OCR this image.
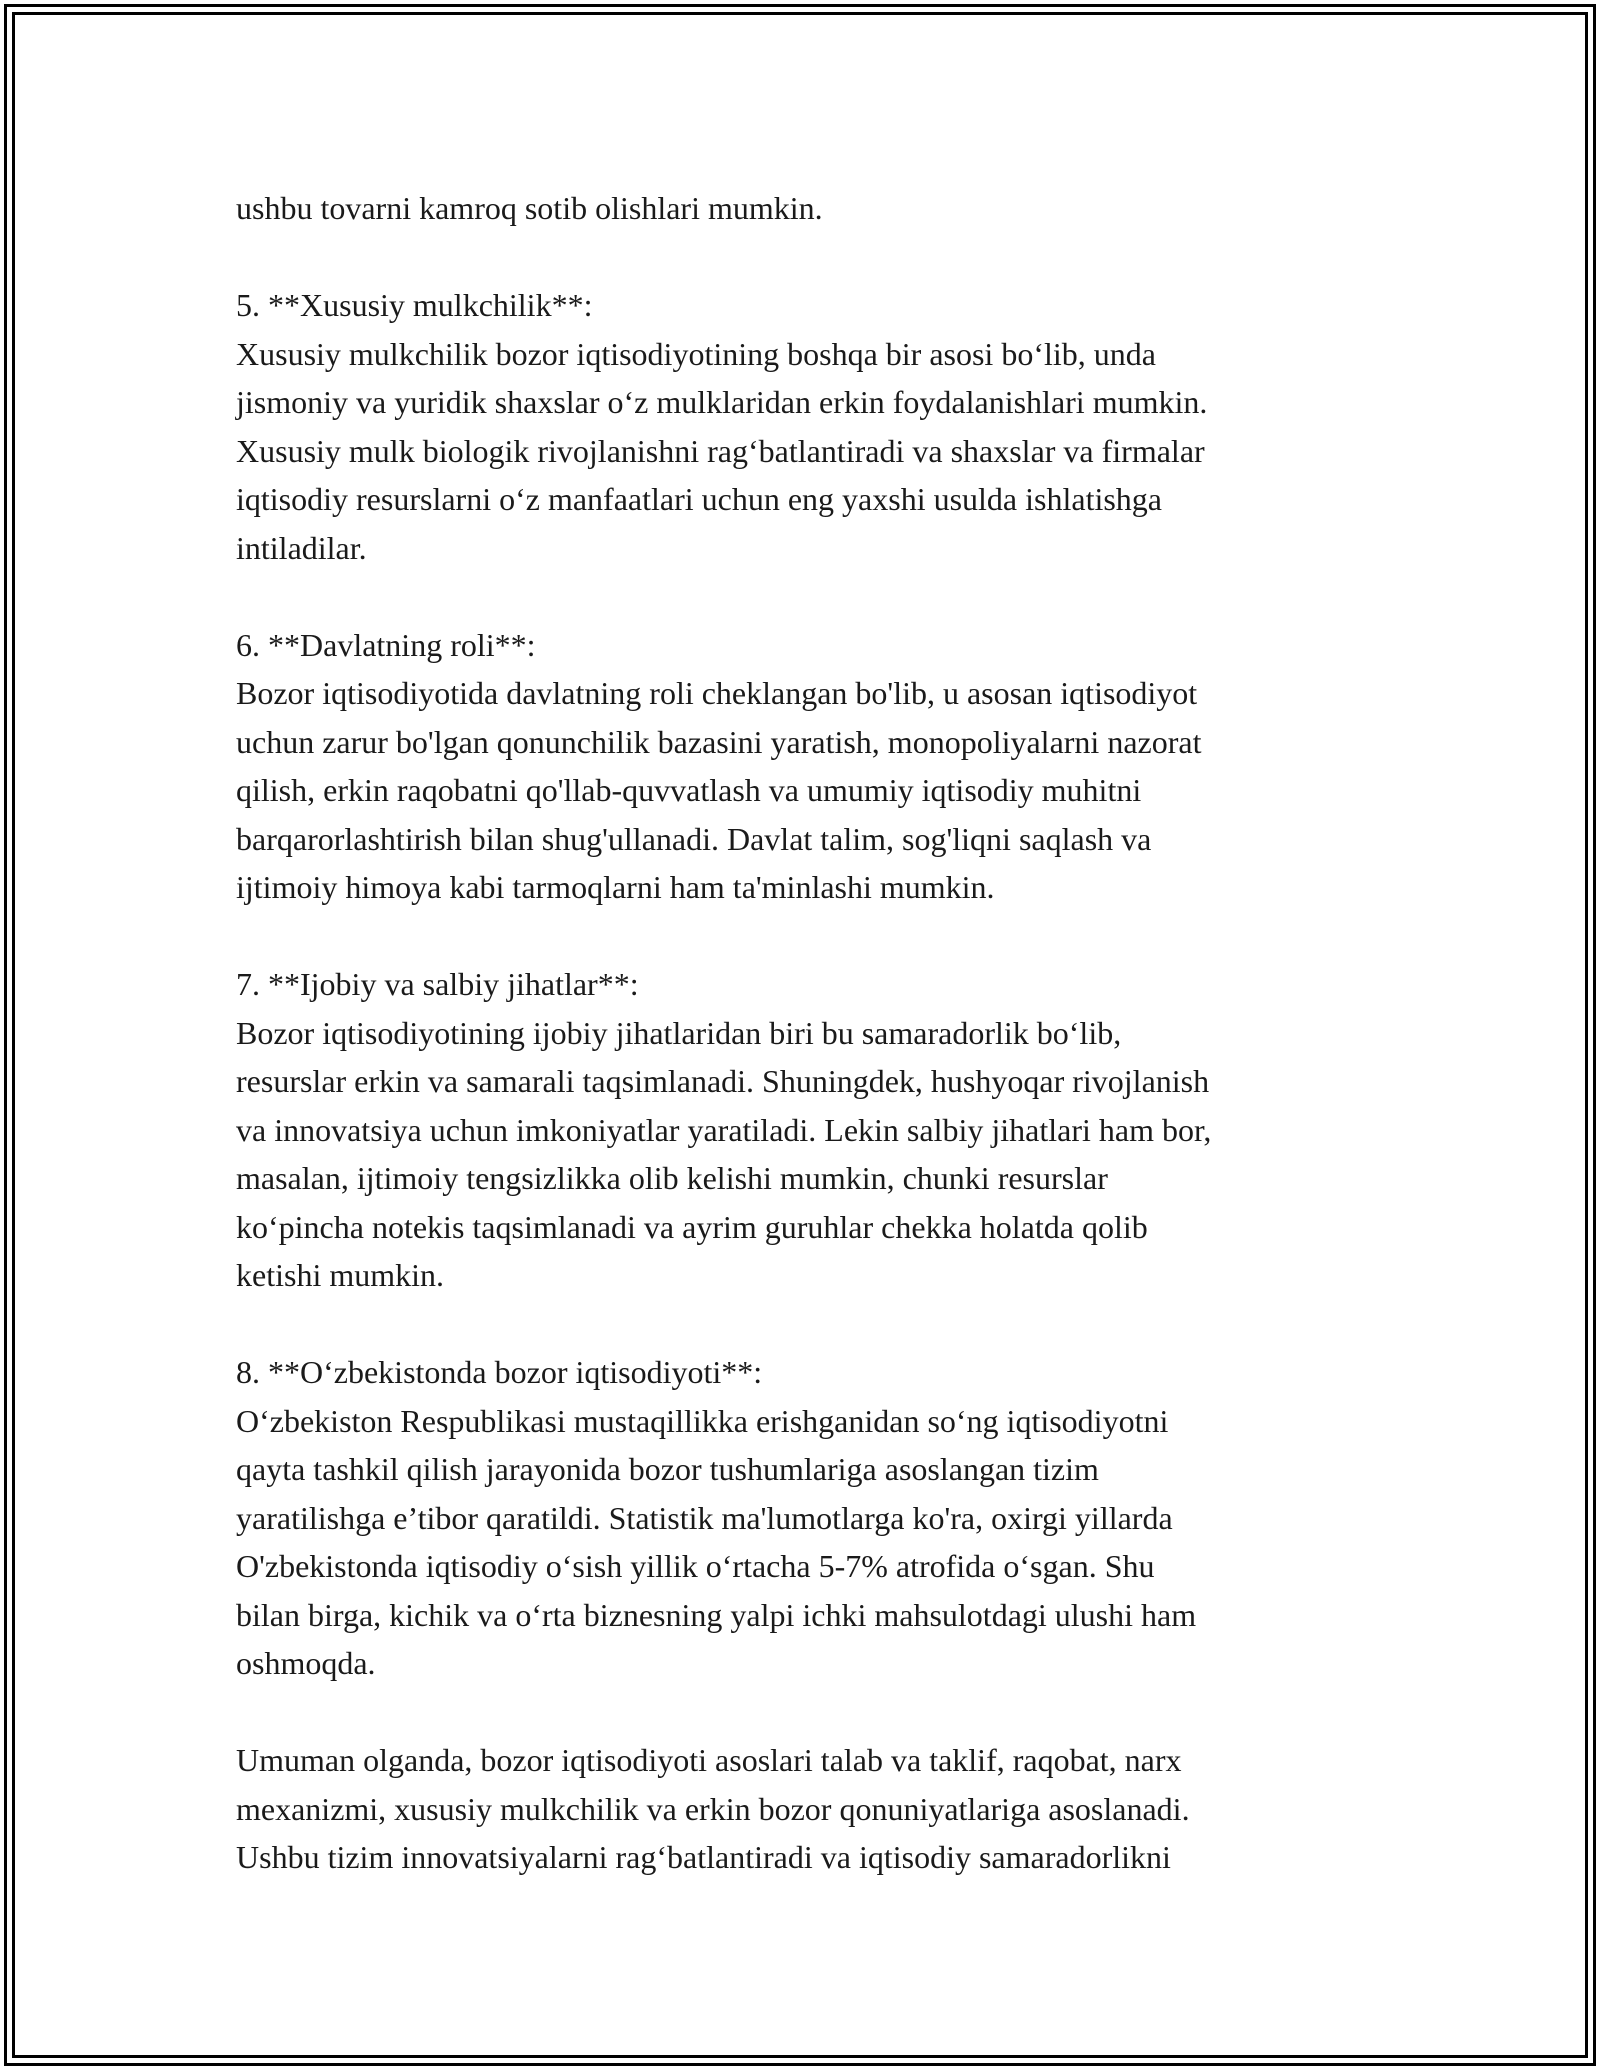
ushbu tovarni kamroq sotib olishlari mumkin.

5. **Xususiy mulkchilik**:
Xususiy mulkchilik bozor iqtisodiyotining boshqa bir asosi bo‘lib, unda
jismoniy va yuridik shaxslar o‘z mulklaridan erkin foydalanishlari mumkin.
Xususiy mulk biologik rivojlanishni rag‘batlantiradi va shaxslar va firmalar
iqtisodiy resurslarni o‘z manfaatlari uchun eng yaxshi usulda ishlatishga
intiladilar.

6. **Davlatning roli**:
Bozor iqtisodiyotida davlatning roli cheklangan bo'lib, u asosan iqtisodiyot
uchun zarur bo'lgan qonunchilik bazasini yaratish, monopoliyalarni nazorat
qilish, erkin raqobatni qo'llab-quvvatlash va umumiy iqtisodiy muhitni
barqarorlashtirish bilan shug'ullanadi. Davlat talim, sog'liqni saqlash va
ijtimoiy himoya kabi tarmoqlarni ham ta'minlashi mumkin.

7. **Ijobiy va salbiy jihatlar**:
Bozor iqtisodiyotining ijobiy jihatlaridan biri bu samaradorlik bo‘lib,
resurslar erkin va samarali taqsimlanadi. Shuningdek, hushyoqar rivojlanish
va innovatsiya uchun imkoniyatlar yaratiladi. Lekin salbiy jihatlari ham bor,
masalan, ijtimoiy tengsizlikka olib kelishi mumkin, chunki resurslar
ko‘pincha notekis taqsimlanadi va ayrim guruhlar chekka holatda qolib
ketishi mumkin.

8. **O‘zbekistonda bozor iqtisodiyoti**:
O‘zbekiston Respublikasi mustaqillikka erishganidan so‘ng iqtisodiyotni
qayta tashkil qilish jarayonida bozor tushumlariga asoslangan tizim
yaratilishga e’tibor qaratildi. Statistik ma'lumotlarga ko'ra, oxirgi yillarda
O'zbekistonda iqtisodiy o‘sish yillik o‘rtacha 5-7% atrofida o‘sgan. Shu
bilan birga, kichik va o‘rta biznesning yalpi ichki mahsulotdagi ulushi ham
oshmoqda.

Umuman olganda, bozor iqtisodiyoti asoslari talab va taklif, raqobat, narx
mexanizmi, xususiy mulkchilik va erkin bozor qonuniyatlariga asoslanadi.
Ushbu tizim innovatsiyalarni rag‘batlantiradi va iqtisodiy samaradorlikni
